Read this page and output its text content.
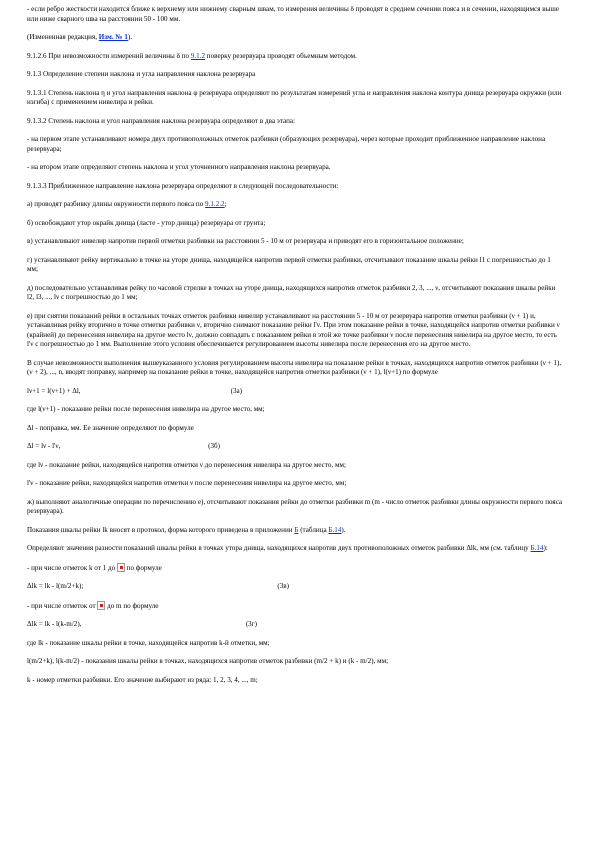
- если ребро жесткости находится ближе к верхнему или нижнему сварным швам, то измерения величины δ проводят в среднем сечении пояса и в сечении, находящимся выше или ниже сварного шва на расстоянии 50 - 100 мм.

(Измененная редакция, Изм. № 1).

9.1.2.6 При невозможности измерений величины δ по 9.1.2 поверку резервуара проводят объемным методом.

9.1.3 Определение степени наклона и угла направления наклона резервуара

9.1.3.1 Степень наклона η и угол направления наклона φ резервуара определяют по результатам измерений угла и направления наклона контура днища резервуара окружки (или изгиба) с применением нивелира и рейки.

9.1.3.2 Степень наклона и угол направления наклона резервуара определяют в два этапа:

- на первом этапе устанавливают номера двух противоположных отметок разбивки (образующих резервуара), через которые проходит приближенное направление наклона резервуара;

- на втором этапе определяют степень наклона и угол уточненного направления наклона резервуара.

9.1.3.3 Приближенное направление наклона резервуара определяют в следующей последовательности:

а) проводят разбивку длины окружности первого пояса по 9.1.2.2;

б) освобождают утор окрайк днища (ласте - утор днища) резервуара от грунта;

в) устанавливают нивелир напротив первой отметки разбивки на расстоянии 5 - 10 м от резервуара и приводят его в горизонтальное положение;

г) устанавливают рейку вертикально в точке на уторе днища, находящейся напротив первой отметки разбивки, отсчитывают показание шкалы рейки l1 с погрешностью до 1 мм;

д) последовательно устанавливая рейку по часовой стрелке в точках на уторе днища, находящихся напротив отметок разбивки 2, 3, ..., ν, отсчитывают показания шкалы рейки l2, l3, ..., lν с погрешностью до 1 мм;

е) при снятии показаний рейки в остальных точках отметок разбивки нивелир устанавливают на расстоянии 5 - 10 м от резервуара напротив отметки разбивки (ν + 1) и, устанавливая рейку вторично в точке отметки разбивки ν, вторично снимают показание рейки l'ν. При этом показание рейки в точке, находящейся напротив отметки разбивки ν (крайней) до перенесения нивелира на другое место lν, должно совпадать с показанием рейки в этой же точке разбивки ν после перенесения нивелира на другое место, то есть l'ν с погрешностью до 1 мм. Выполнение этого условия обеспечивается регулированием высоты нивелира после перенесения его на другое место.

В случае невозможности выполнения вышеуказанного условия регулированием высоты нивелира на показание рейки в точках, находящихся напротив отметок разбивки (ν + 1), (ν + 2), ..., n, вводят поправку, например на показание рейки в точке, находящейся напротив отметки разбивки (ν + 1), l(ν+1) по формуле

lν+1 = l(ν+1) + Δl,	(3а)

где l(ν+1) - показание рейки после перенесения нивелира на другое место, мм;

Δl - поправка, мм. Ее значение определяют по формуле

Δl = lν - l'ν,	(3б)

где lν - показание рейки, находящейся напротив отметки ν до перенесения нивелира на другое место, мм;

l'ν - показание рейки, находящейся напротив отметки ν после перенесения нивелира на другое место, мм;

ж) выполняют аналогичные операции по перечислению е), отсчитывают показания рейки до отметки разбивки m (m - число отметок разбивки длины окружности первого пояса резервуара).

Показания шкалы рейки lk вносят в протокол, форма которого приведена в приложении Б (таблица Б.14).

Определяют значения разности показаний шкалы рейки в точках утора днища, находящихся напротив двух противоположных отметок разбивки Δlk, мм (см. таблицу Б.14):

- при числе отметок k от 1 до  по формуле

Δlk = lk - l(m/2+k);	(3в)

- при числе отметок от  до m по формуле

Δlk = lk - l(k-m/2),	(3г)

где lk - показание шкалы рейки в точке, находящейся напротив k-й отметки, мм;

l(m/2+k), l(k-m/2) - показания шкалы рейки в точках, находящихся напротив отметок разбивки (m/2 + k) и (k - m/2), мм;

k - номер отметки разбивки. Его значение выбирают из ряда: 1, 2, 3, 4, ..., m;
